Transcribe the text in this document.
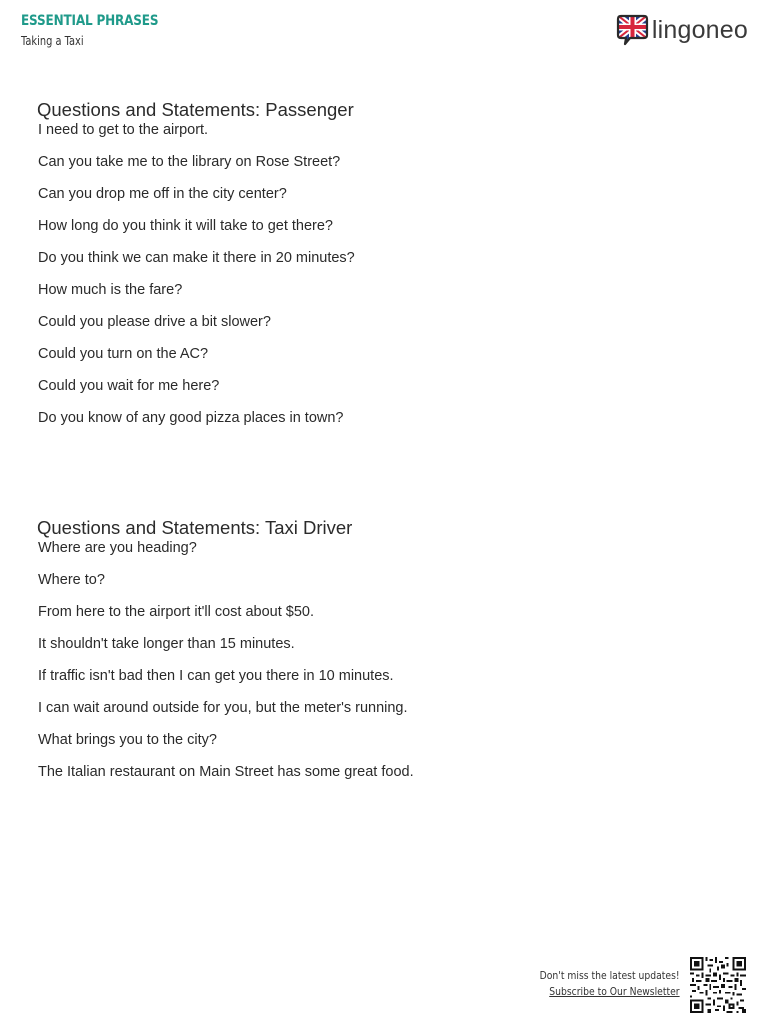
ESSENTIAL PHRASES
Taking a Taxi	lingoneo
Questions and Statements: Passenger
I need to get to the airport.
Can you take me to the library on Rose Street?
Can you drop me off in the city center?
How long do you think it will take to get there?
Do you think we can make it there in 20 minutes?
How much is the fare?
Could you please drive a bit slower?
Could you turn on the AC?
Could you wait for me here?
Do you know of any good pizza places in town?
Questions and Statements: Taxi Driver
Where are you heading?
Where to?
From here to the airport it'll cost about $50.
It shouldn't take longer than 15 minutes.
If traffic isn't bad then I can get you there in 10 minutes.
I can wait around outside for you, but the meter's running.
What brings you to the city?
The Italian restaurant on Main Street has some great food.
Don't miss the latest updates!
Subscribe to Our Newsletter
